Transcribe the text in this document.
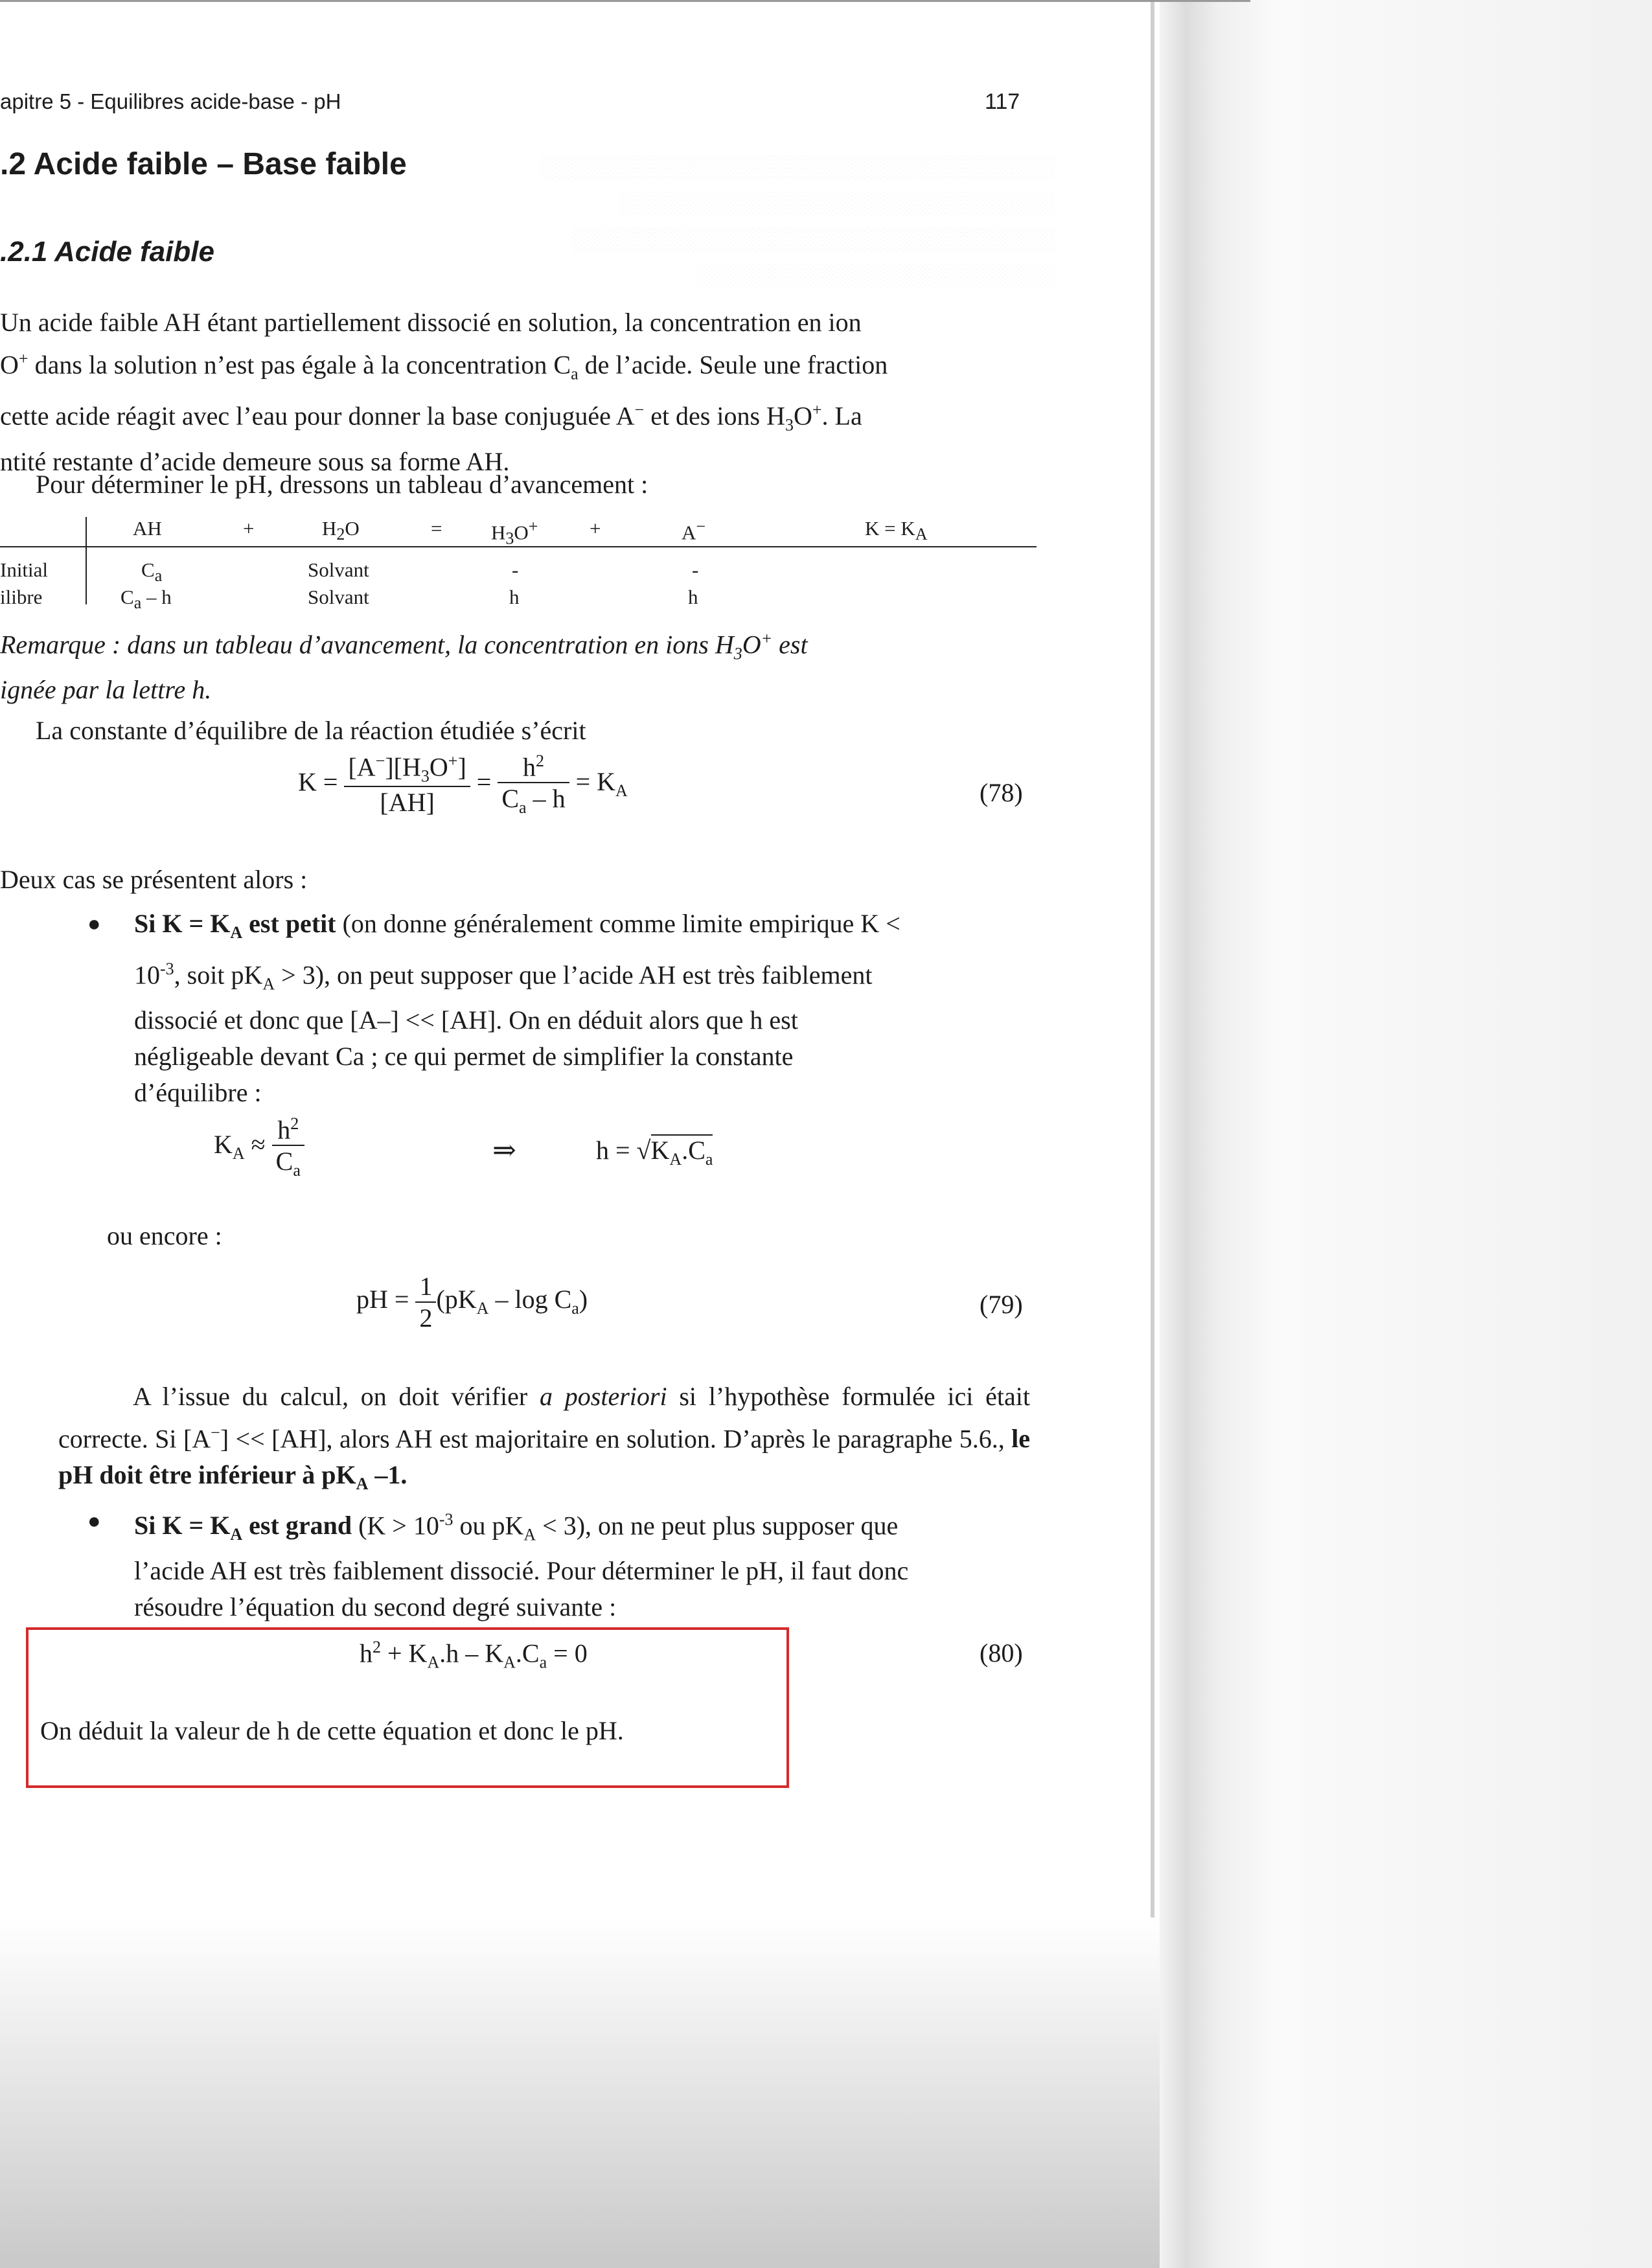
░░░░░░░░░░░░░░░░░░░░░░░░░░░░░░░░░
░░░░░░░░░░░░░░░░░░░░░░░░░░░░
░░░░░░░░░░░░░░░░░░░░░░░░░░░░░░░
░░░░░░░░░░░░░░░░░░░░░░░
apitre 5 - Equilibres acide-base - pH	117
.2 Acide faible – Base faible
.2.1 Acide faible
Un acide faible AH étant partiellement dissocié en solution, la concentration en ion
O+ dans la solution n’est pas égale à la concentration $C_a$ de l’acide. Seule une fraction
cette acide réagit avec l’eau pour donner la base conjuguée A− et des ions $H_3O^+$. La
ntité restante d’acide demeure sous sa forme AH.
Pour déterminer le pH, dressons un tableau d’avancement :
AH	+	$H_2O$	= $H_3O^+$	+	A−	$K = K_A$
Initial	$C_a$	Solvant	-	-
ilibre	$C_a$ – h	Solvant	h	h
Remarque : dans un tableau d’avancement, la concentration en ions $H_3O^+$ est
ignée par la lettre h.
La constante d’équilibre de la réaction étudiée s’écrit
$K = \frac{[A^-][H_3O^+]}{[AH]} = \frac{h^2}{C_a - h} = K_A$	(78)
Deux cas se présentent alors :
● Si $K = K_A$ est petit (on donne généralement comme limite empirique K <
$10^{-3}$, soit $pK_A > 3$), on peut supposer que l’acide AH est très faiblement
dissocié et donc que [A–] << [AH]. On en déduit alors que h est
négligeable devant Ca ; ce qui permet de simplifier la constante
d’équilibre :
$K_A \approx \frac{h^2}{C_a}$	⇒	$h = √K_A.C_a$
ou encore :
pH = $\frac{1}{2} (pK_A$ – $\log C_a$)	(79)
A l’issue du calcul, on doit vérifier a posteriori si l’hypothèse formulée ici était correcte. Si [A−] << [AH], alors AH est majoritaire en solution. D’après le paragraphe 5.6., le pH doit être inférieur à $pK_A$ –1.
● Si $K = K_A$ est grand ($K > 10^{-3}$ ou $pK_A < 3$), on ne peut plus supposer que
l’acide AH est très faiblement dissocié. Pour déterminer le pH, il faut donc
résoudre l’équation du second degré suivante :
$h^2 + K_A.h - K_A.C_a = 0$	(80)
On déduit la valeur de h de cette équation et donc le pH.
